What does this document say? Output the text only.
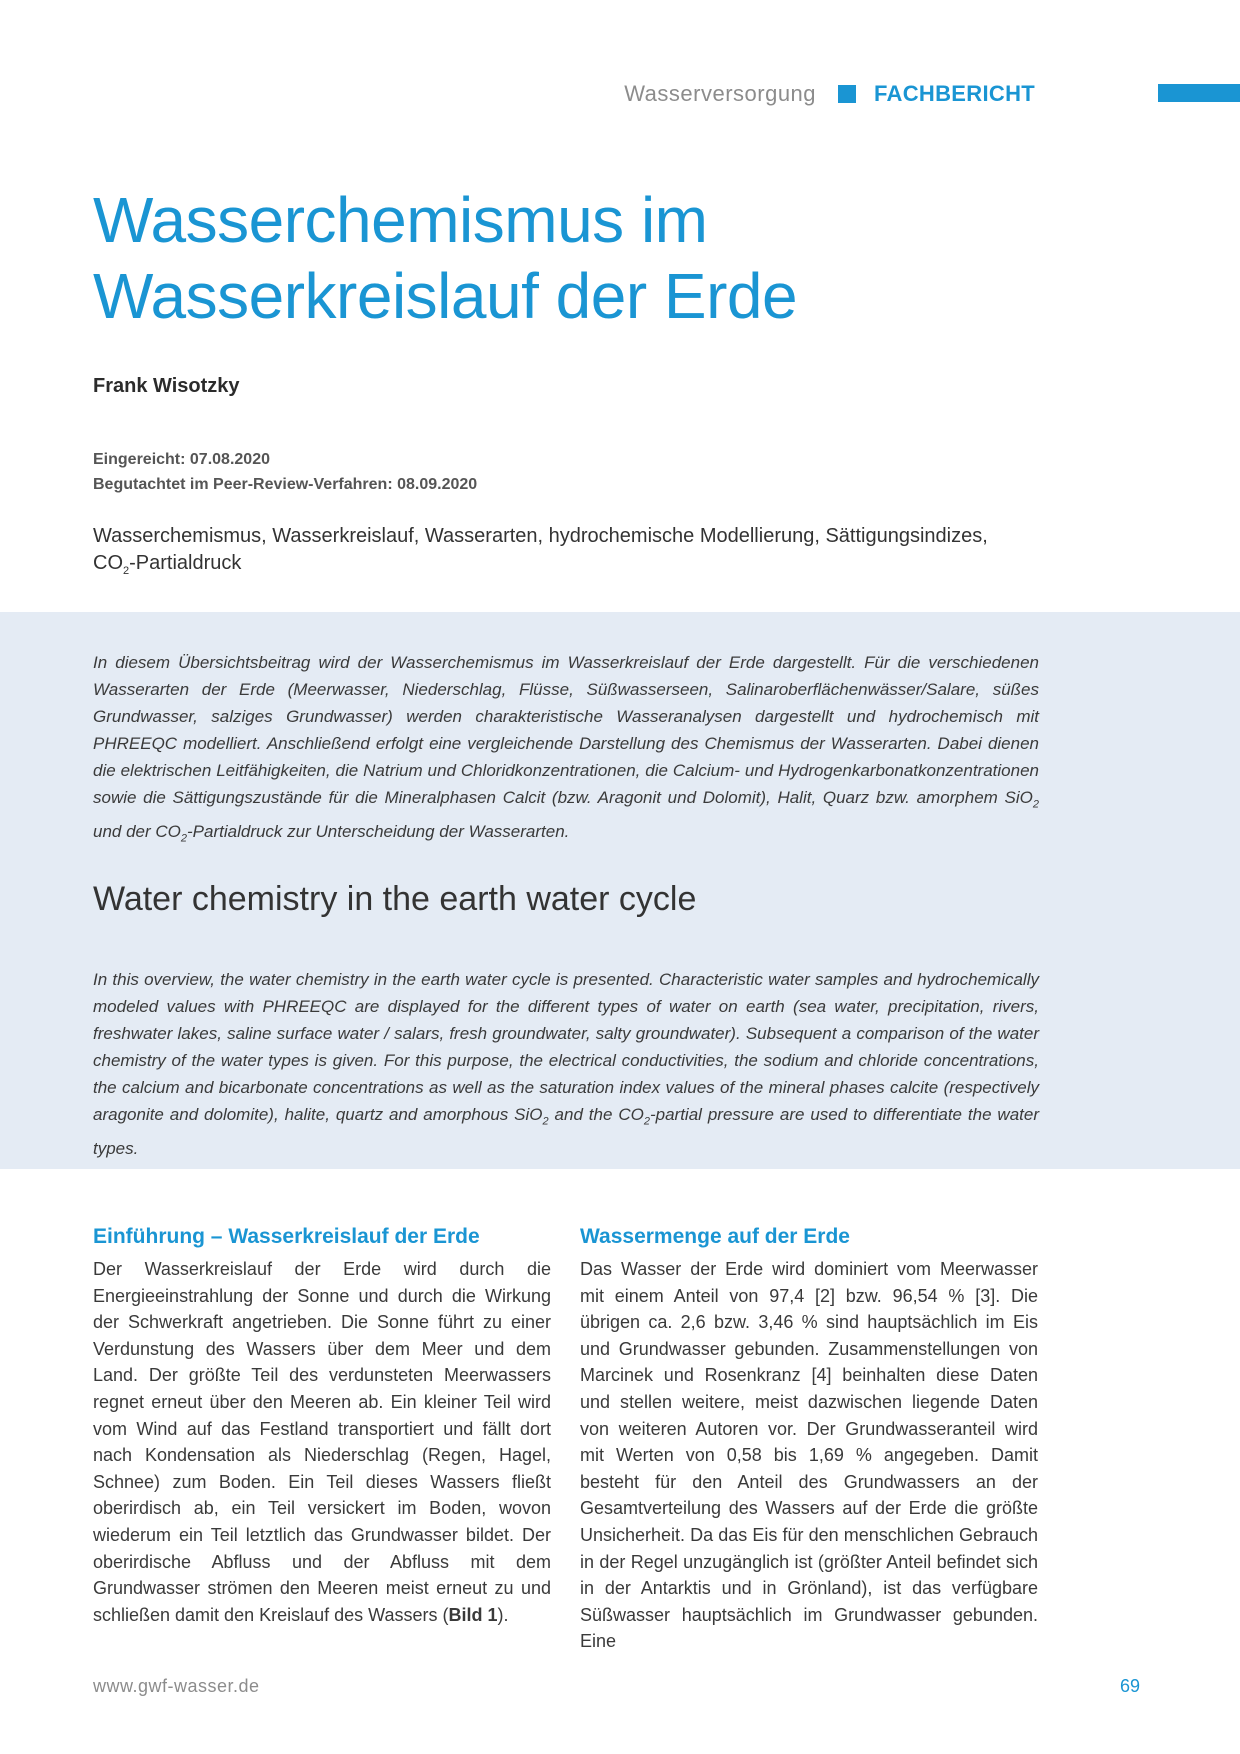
Wasserversorgung	FACHBERICHT
Wasserchemismus im
Wasserkreislauf der Erde
Frank Wisotzky
Eingereicht: 07.08.2020
Begutachtet im Peer-Review-Verfahren: 08.09.2020
Wasserchemismus, Wasserkreislauf, Wasserarten, hydrochemische Modellierung, Sättigungsindizes,
$CO_2$-Partialdruck

In diesem Übersichtsbeitrag wird der Wasserchemismus im Wasserkreislauf der Erde dargestellt. Für die verschiedenen Wasserarten der Erde (Meerwasser, Niederschlag, Flüsse, Süßwasserseen, Salinaroberflächenwässer/Salare, süßes Grundwasser, salziges Grundwasser) werden charakteristische Wasseranalysen dargestellt und hydrochemisch mit PHREEQC modelliert. Anschließend erfolgt eine vergleichende Darstellung des Chemismus der Wasserarten. Dabei dienen die elektrischen Leitfähigkeiten, die Natrium und Chloridkonzentrationen, die Calcium- und Hydrogenkarbonatkonzentrationen sowie die Sättigungszustände für die Mineralphasen Calcit (bzw. Aragonit und Dolomit), Halit, Quarz bzw. amorphem SiO$_2$ und der $CO_2$-Partialdruck zur Unterscheidung der Wasserarten.

Water chemistry in the earth water cycle

In this overview, the water chemistry in the earth water cycle is presented. Characteristic water samples and hydrochemically modeled values with PHREEQC are displayed for the different types of water on earth (sea water, precipitation, rivers, freshwater lakes, saline surface water / salars, fresh groundwater, salty groundwater). Subsequent a comparison of the water chemistry of the water types is given. For this purpose, the electrical conductivities, the sodium and chloride concentrations, the calcium and bicarbonate concentrations as well as the saturation index values of the mineral phases calcite (respectively aragonite and dolomite), halite, quartz and amorphous SiO$_2$ and the $CO_2$-partial pressure are used to differentiate the water types.

Einführung – Wasserkreislauf der Erde

Der Wasserkreislauf der Erde wird durch die Energieeinstrahlung der Sonne und durch die Wirkung der Schwerkraft angetrieben. Die Sonne führt zu einer Verdunstung des Wassers über dem Meer und dem Land. Der größte Teil des verdunsteten Meerwassers regnet erneut über den Meeren ab. Ein kleiner Teil wird vom Wind auf das Festland transportiert und fällt dort nach Kondensation als Niederschlag (Regen, Hagel, Schnee) zum Boden. Ein Teil dieses Wassers fließt oberirdisch ab, ein Teil versickert im Boden, wovon wiederum ein Teil letztlich das Grundwasser bildet. Der oberirdische Abfluss und der Abfluss mit dem Grundwasser strömen den Meeren meist erneut zu und schließen damit den Kreislauf des Wassers (Bild 1).

Wassermenge auf der Erde

Das Wasser der Erde wird dominiert vom Meerwasser mit einem Anteil von 97,4 [2] bzw. 96,54 % [3]. Die übrigen ca. 2,6 bzw. 3,46 % sind hauptsächlich im Eis und Grundwasser gebunden. Zusammenstellungen von Marcinek und Rosenkranz [4] beinhalten diese Daten und stellen weitere, meist dazwischen liegende Daten von weiteren Autoren vor. Der Grundwasseranteil wird mit Werten von 0,58 bis 1,69 % angegeben. Damit besteht für den Anteil des Grundwassers an der Gesamtverteilung des Wassers auf der Erde die größte Unsicherheit. Da das Eis für den menschlichen Gebrauch in der Regel unzugänglich ist (größter Anteil befindet sich in der Antarktis und in Grönland), ist das verfügbare Süßwasser hauptsächlich im Grundwasser gebunden. Eine

www.gwf-wasser.de	69
